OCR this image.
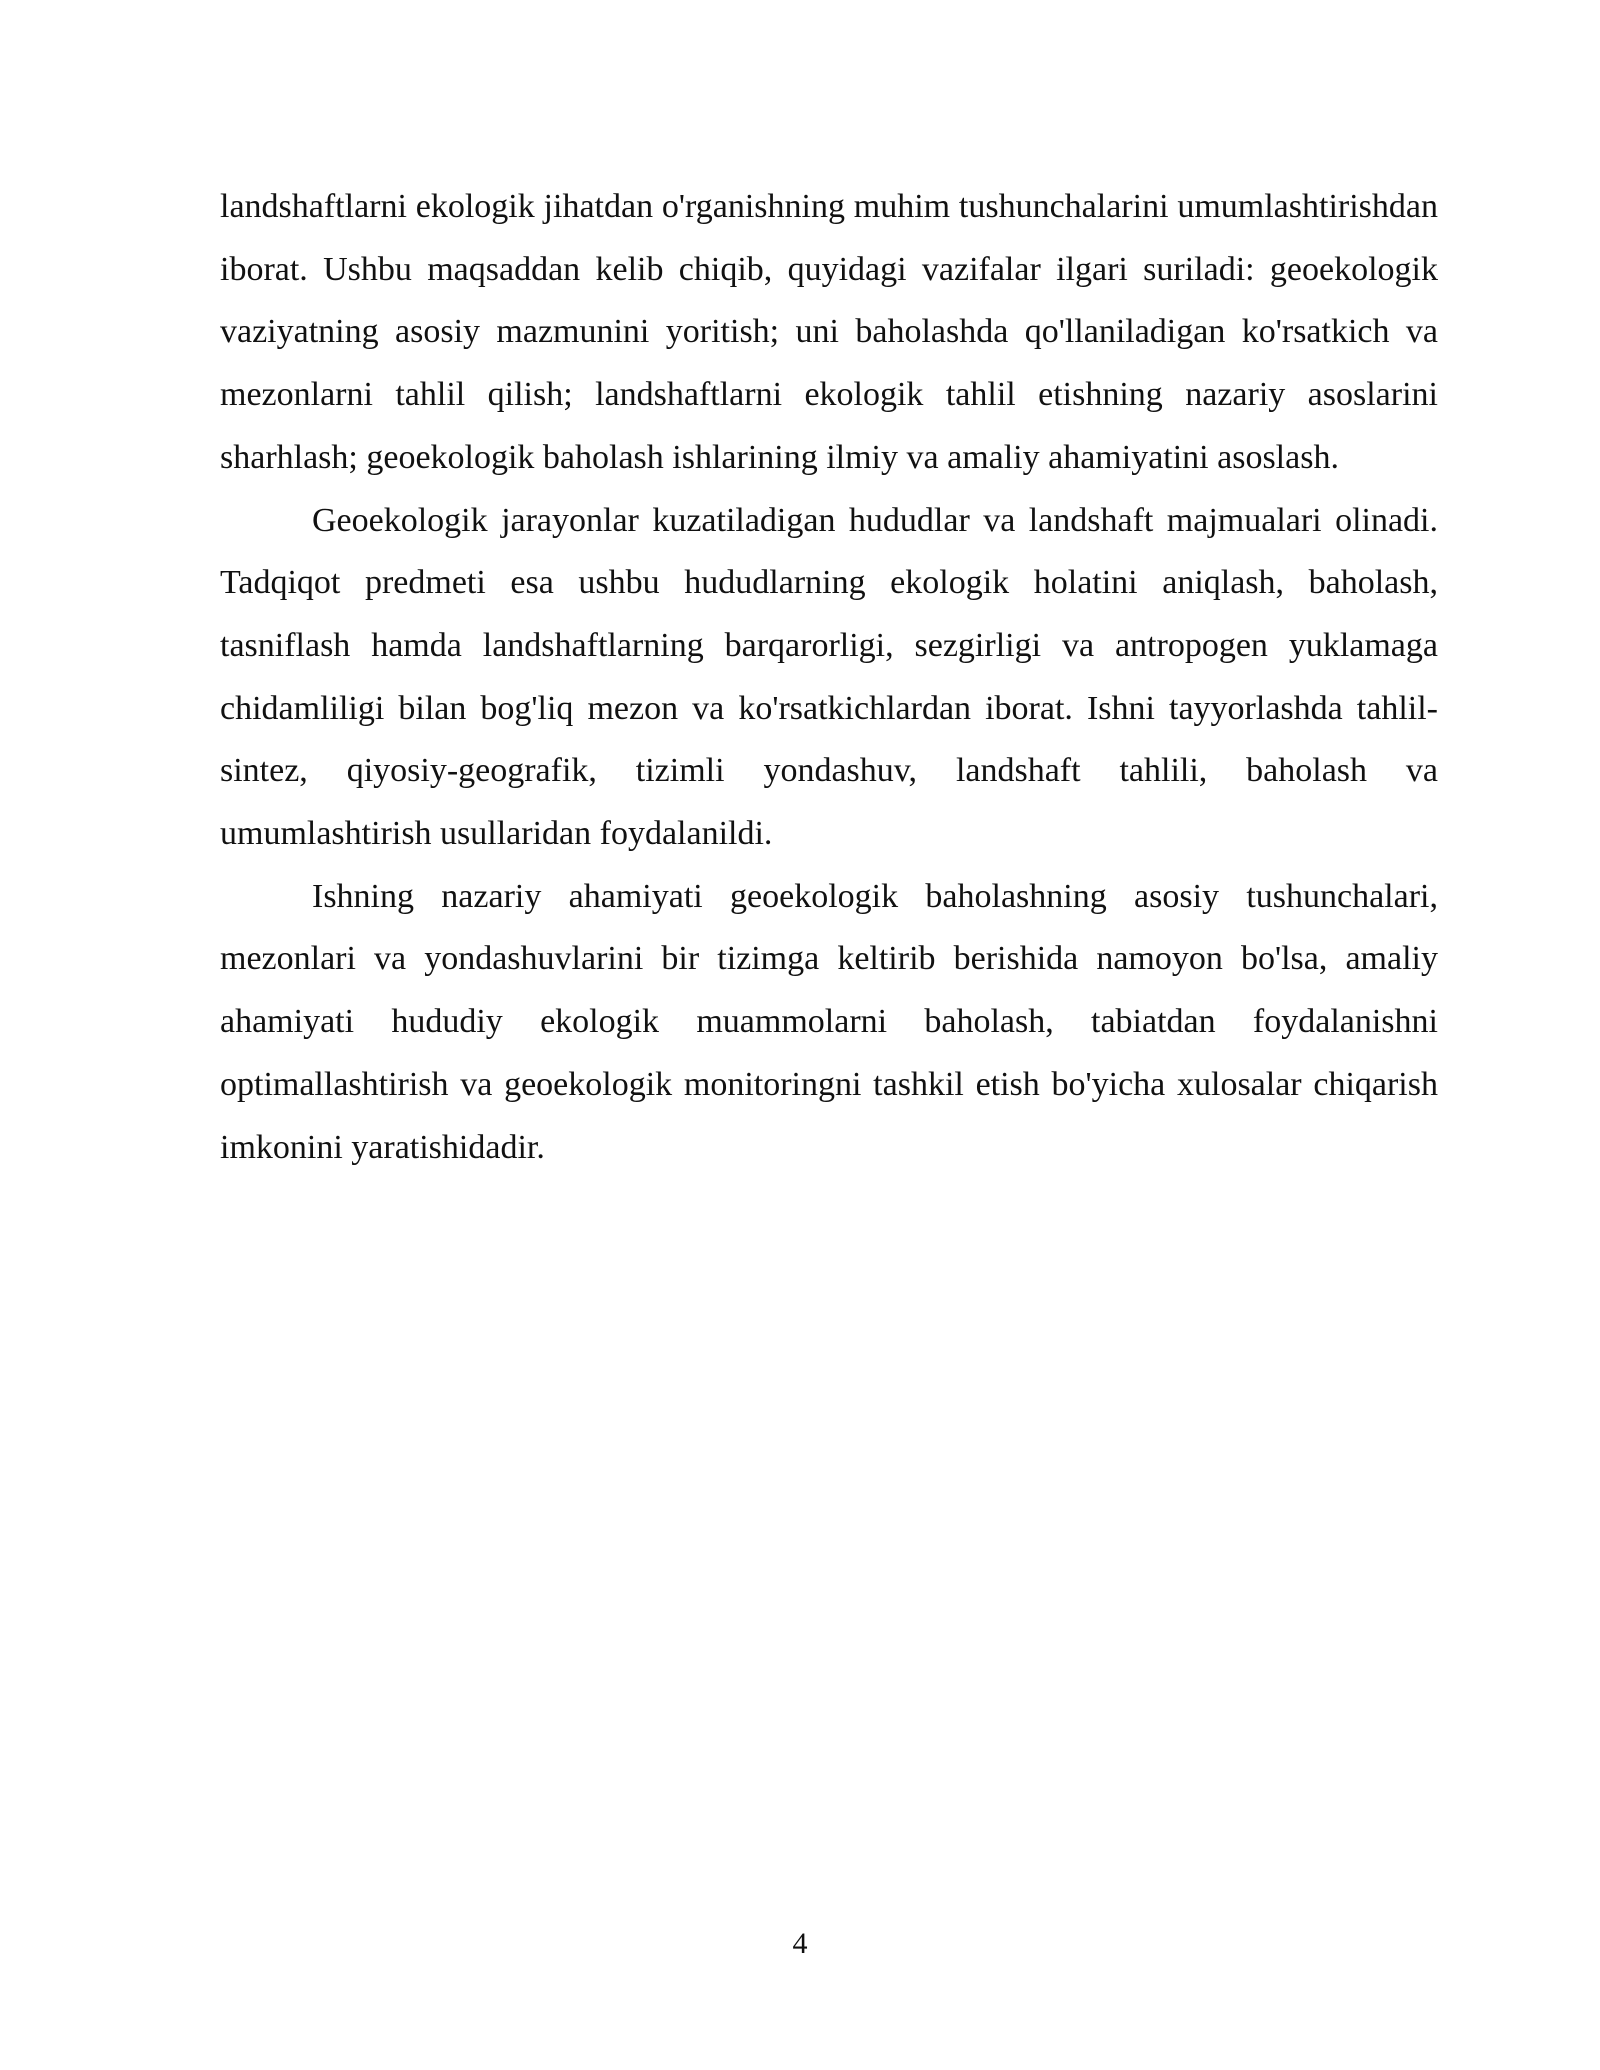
landshaftlarni ekologik jihatdan o'rganishning muhim tushunchalarini umumlashtirishdan iborat. Ushbu maqsaddan kelib chiqib, quyidagi vazifalar ilgari suriladi: geoekologik vaziyatning asosiy mazmunini yoritish; uni baholashda qo'llaniladigan ko'rsatkich va mezonlarni tahlil qilish; landshaftlarni ekologik tahlil etishning nazariy asoslarini sharhlash; geoekologik baholash ishlarining ilmiy va amaliy ahamiyatini asoslash.

Geoekologik jarayonlar kuzatiladigan hududlar va landshaft majmualari olinadi. Tadqiqot predmeti esa ushbu hududlarning ekologik holatini aniqlash, baholash, tasniflash hamda landshaftlarning barqarorligi, sezgirligi va antropogen yuklamaga chidamliligi bilan bog'liq mezon va ko'rsatkichlardan iborat. Ishni tayyorlashda tahlil-sintez, qiyosiy-geografik, tizimli yondashuv, landshaft tahlili, baholash va umumlashtirish usullaridan foydalanildi.

Ishning nazariy ahamiyati geoekologik baholashning asosiy tushunchalari, mezonlari va yondashuvlarini bir tizimga keltirib berishida namoyon bo'lsa, amaliy ahamiyati hududiy ekologik muammolarni baholash, tabiatdan foydalanishni optimallashtirish va geoekologik monitoringni tashkil etish bo'yicha xulosalar chiqarish imkonini yaratishidadir.

4
